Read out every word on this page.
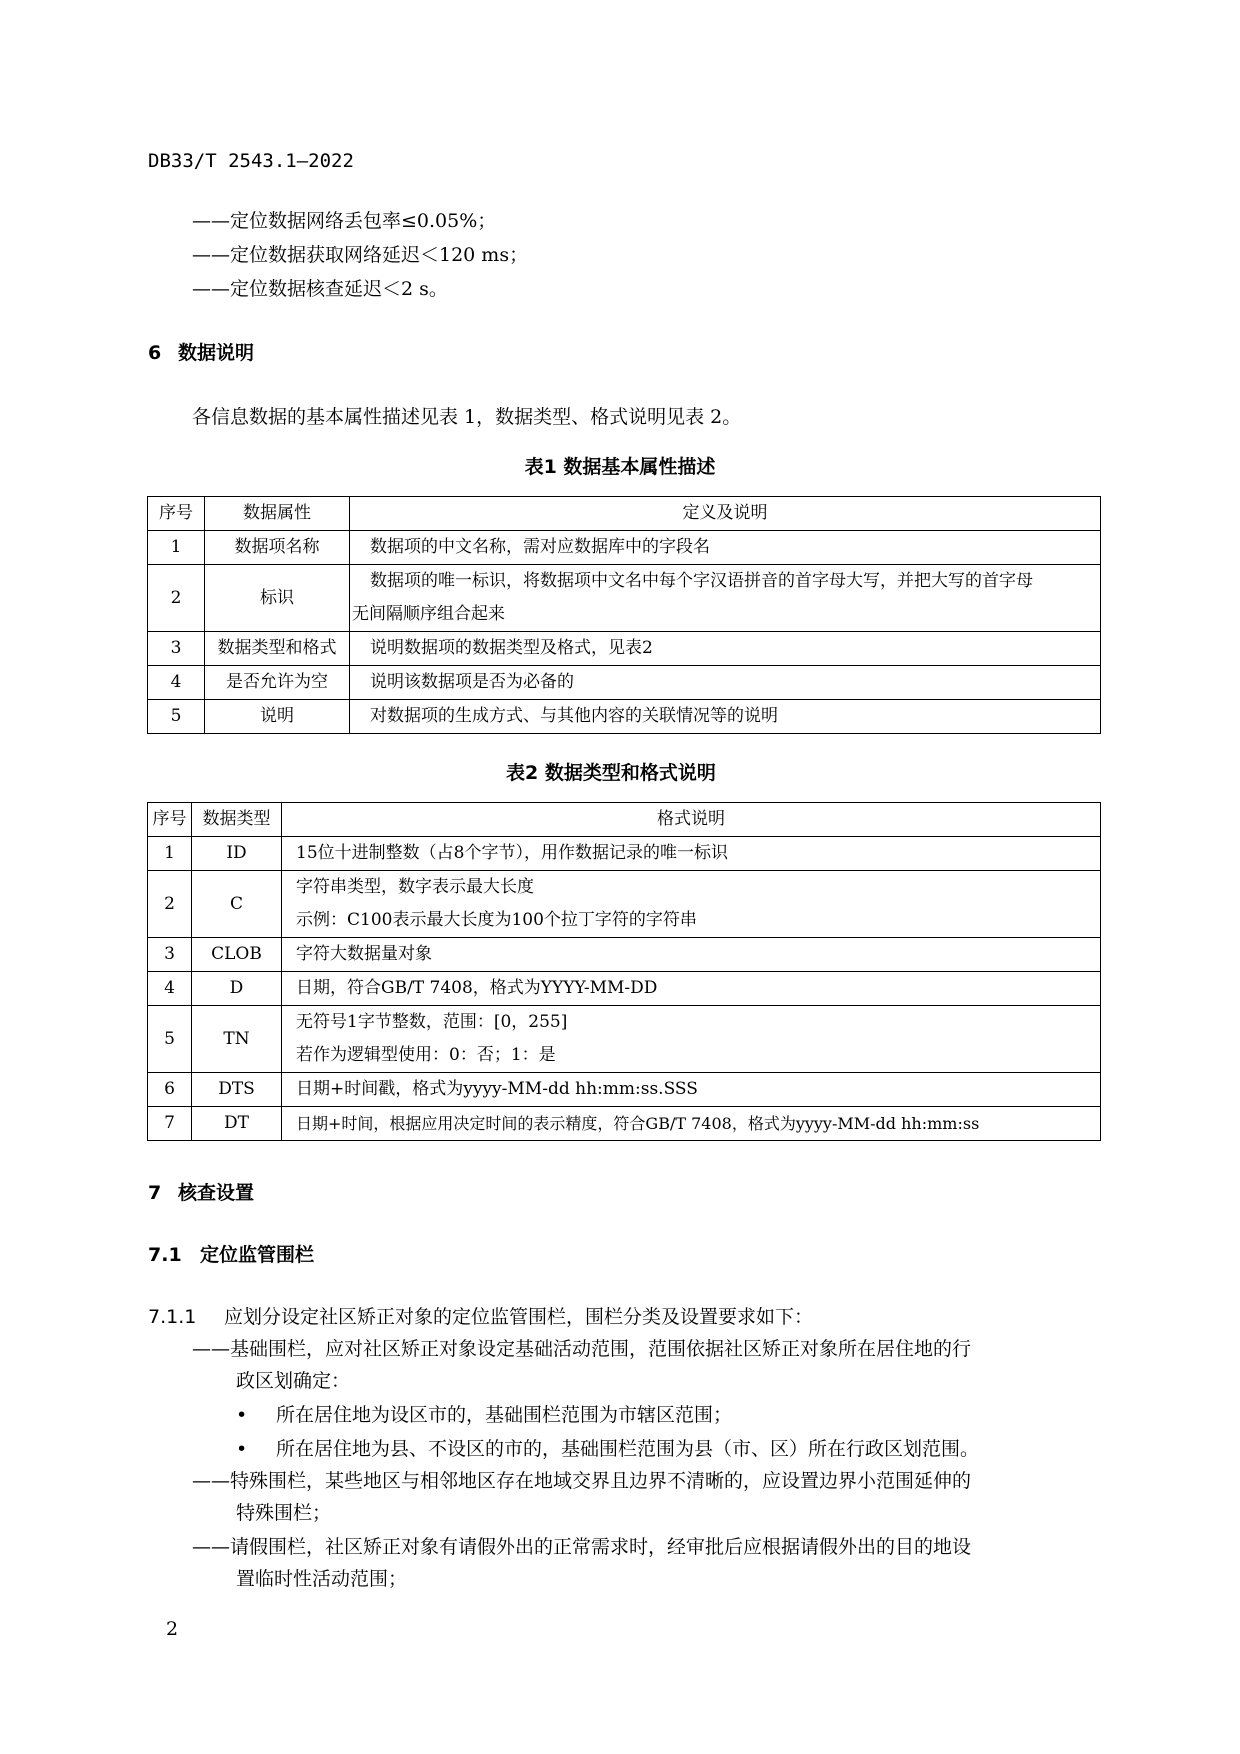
DB33/T 2543.1—2022
——定位数据网络丢包率≤0.05%；
——定位数据获取网络延迟＜120 ms；
——定位数据核查延迟＜2 s。
6 数据说明
各信息数据的基本属性描述见表 1，数据类型、格式说明见表 2。
表1 数据基本属性描述
序号	数据属性	定义及说明
1	数据项名称	数据项的中文名称，需对应数据库中的字段名
2	标识	数据项的唯一标识，将数据项中文名中每个字汉语拼音的首字母大写，并把大写的首字母
无间隔顺序组合起来

3	数据类型和格式	说明数据项的数据类型及格式，见表2
4	是否允许为空	说明该数据项是否为必备的
5	说明	对数据项的生成方式、与其他内容的关联情况等的说明
表2 数据类型和格式说明
序号	数据类型	格式说明
1	ID	15位十进制整数（占8个字节），用作数据记录的唯一标识
2	C	字符串类型，数字表示最大长度
示例：C100表示最大长度为100个拉丁字符的字符串

3	CLOB	字符大数据量对象
4	D	日期，符合GB/T 7408，格式为YYYY-MM-DD
5	TN	无符号1字节整数，范围：[0，255]
若作为逻辑型使用：0：否；1：是

6	DTS	日期+时间戳，格式为yyyy-MM-dd hh:mm:ss.SSS
7	DT	日期+时间，根据应用决定时间的表示精度，符合GB/T 7408，格式为yyyy-MM-dd hh:mm:ss
7 核查设置
7.1 定位监管围栏
7.1.1 应划分设定社区矫正对象的定位监管围栏，围栏分类及设置要求如下：
——基础围栏，应对社区矫正对象设定基础活动范围，范围依据社区矫正对象所在居住地的行
政区划确定：
• 所在居住地为设区市的，基础围栏范围为市辖区范围；
• 所在居住地为县、不设区的市的，基础围栏范围为县（市、区）所在行政区划范围。
——特殊围栏，某些地区与相邻地区存在地域交界且边界不清晰的，应设置边界小范围延伸的
特殊围栏；
——请假围栏，社区矫正对象有请假外出的正常需求时，经审批后应根据请假外出的目的地设
置临时性活动范围；
2
